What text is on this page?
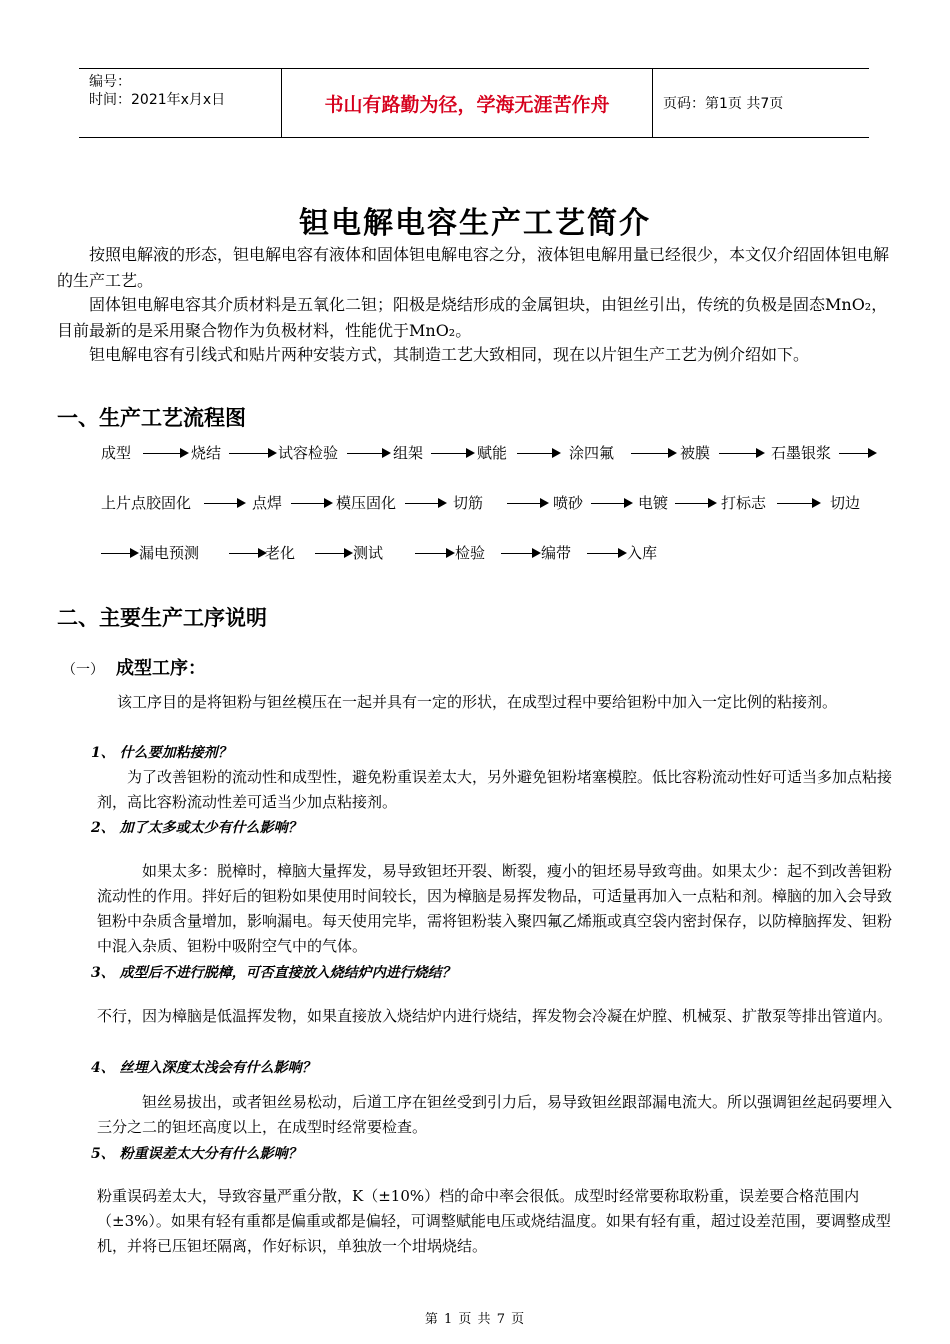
编号：
时间：2021年x月x日	书山有路勤为径，学海无涯苦作舟	页码：第1页 共7页
钽电解电容生产工艺简介

按照电解液的形态，钽电解电容有液体和固体钽电解电容之分，液体钽电解用量已经很少，本文仅介绍固体钽电解的生产工艺。

固体钽电解电容其介质材料是五氧化二钽；阳极是烧结形成的金属钽块，由钽丝引出，传统的负极是固态MnO₂，目前最新的是采用聚合物作为负极材料，性能优于MnO₂。

钽电解电容有引线式和贴片两种安装方式，其制造工艺大致相同，现在以片钽生产工艺为例介绍如下。

一、生产工艺流程图
成型	烧结	试容检验	组架	赋能	涂四氟	被膜	石墨银浆
上片点胶固化	点焊	模压固化	切筋	喷砂	电镀	打标志	切边
漏电预测	老化	测试	检验	编带	入库
二、主要生产工序说明
（一） 成型工序：

该工序目的是将钽粉与钽丝模压在一起并具有一定的形状，在成型过程中要给钽粉中加入一定比例的粘接剂。

1、 什么要加粘接剂？

为了改善钽粉的流动性和成型性，避免粉重误差太大，另外避免钽粉堵塞模腔。低比容粉流动性好可适当多加点粘接剂，高比容粉流动性差可适当少加点粘接剂。

2、 加了太多或太少有什么影响？

如果太多：脱樟时，樟脑大量挥发，易导致钽坯开裂、断裂，瘦小的钽坯易导致弯曲。如果太少：起不到改善钽粉流动性的作用。拌好后的钽粉如果使用时间较长，因为樟脑是易挥发物品，可适量再加入一点粘和剂。樟脑的加入会导致钽粉中杂质含量增加，影响漏电。每天使用完毕，需将钽粉装入聚四氟乙烯瓶或真空袋内密封保存，以防樟脑挥发、钽粉中混入杂质、钽粉中吸附空气中的气体。

3、 成型后不进行脱樟，可否直接放入烧结炉内进行烧结？

不行，因为樟脑是低温挥发物，如果直接放入烧结炉内进行烧结，挥发物会冷凝在炉膛、机械泵、扩散泵等排出管道内。

4、 丝埋入深度太浅会有什么影响？

钽丝易拔出，或者钽丝易松动，后道工序在钽丝受到引力后，易导致钽丝跟部漏电流大。所以强调钽丝起码要埋入三分之二的钽坯高度以上，在成型时经常要检查。

5、 粉重误差太大分有什么影响？

粉重误码差太大，导致容量严重分散，K（±10%）档的命中率会很低。成型时经常要称取粉重，误差要合格范围内（±3%）。如果有轻有重都是偏重或都是偏轻，可调整赋能电压或烧结温度。如果有轻有重，超过设差范围，要调整成型机，并将已压钽坯隔离，作好标识，单独放一个坩埚烧结。

第 1 页 共 7 页
